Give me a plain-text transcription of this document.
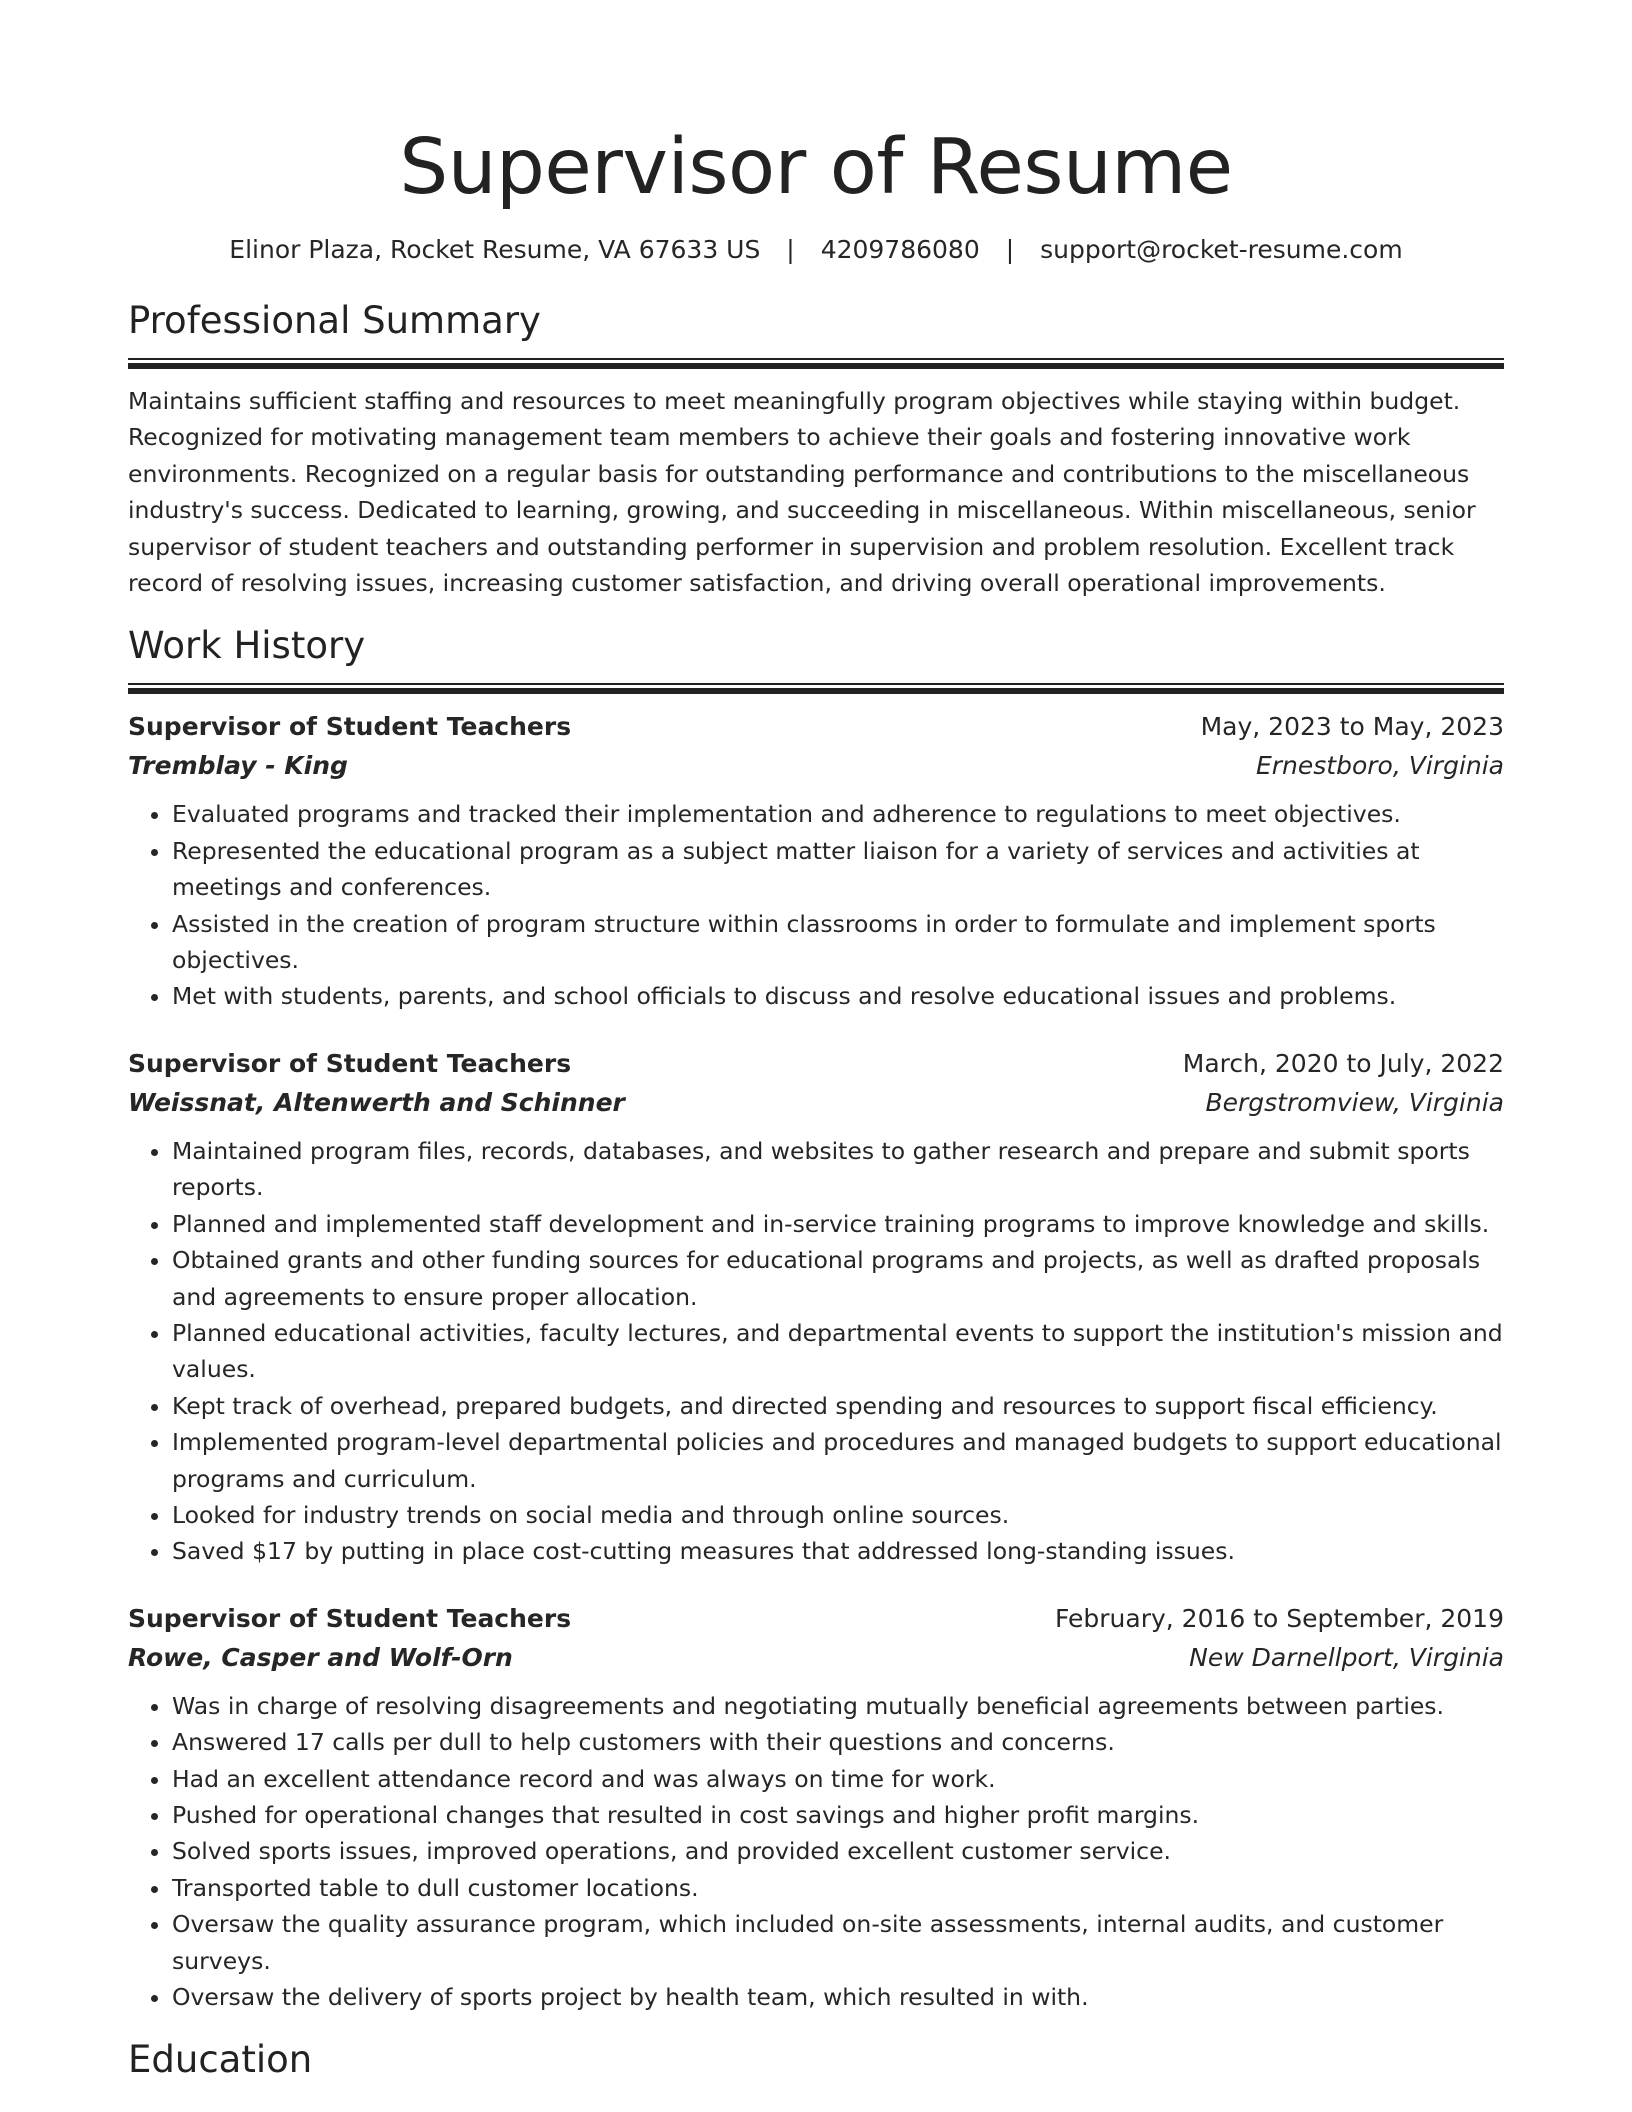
Supervisor of Resume
Elinor Plaza, Rocket Resume, VA 67633 US | 4209786080 | support@rocket-resume.com
Professional Summary

Maintains sufficient staffing and resources to meet meaningfully program objectives while staying within budget. Recognized for motivating management team members to achieve their goals and fostering innovative work environments. Recognized on a regular basis for outstanding performance and contributions to the miscellaneous industry's success. Dedicated to learning, growing, and succeeding in miscellaneous. Within miscellaneous, senior supervisor of student teachers and outstanding performer in supervision and problem resolution. Excellent track record of resolving issues, increasing customer satisfaction, and driving overall operational improvements.

Work History
Supervisor of Student Teachers	May, 2023 to May, 2023
Tremblay - King	Ernestboro, Virginia
• Evaluated programs and tracked their implementation and adherence to regulations to meet objectives.
• Represented the educational program as a subject matter liaison for a variety of services and activities at meetings and conferences.
• Assisted in the creation of program structure within classrooms in order to formulate and implement sports objectives.
• Met with students, parents, and school officials to discuss and resolve educational issues and problems.
Supervisor of Student Teachers	March, 2020 to July, 2022
Weissnat, Altenwerth and Schinner	Bergstromview, Virginia
• Maintained program files, records, databases, and websites to gather research and prepare and submit sports reports.
• Planned and implemented staff development and in-service training programs to improve knowledge and skills.
• Obtained grants and other funding sources for educational programs and projects, as well as drafted proposals and agreements to ensure proper allocation.
• Planned educational activities, faculty lectures, and departmental events to support the institution's mission and values.
• Kept track of overhead, prepared budgets, and directed spending and resources to support fiscal efficiency.
• Implemented program-level departmental policies and procedures and managed budgets to support educational programs and curriculum.
• Looked for industry trends on social media and through online sources.
• Saved $17 by putting in place cost-cutting measures that addressed long-standing issues.
Supervisor of Student Teachers	February, 2016 to September, 2019
Rowe, Casper and Wolf-Orn	New Darnellport, Virginia
• Was in charge of resolving disagreements and negotiating mutually beneficial agreements between parties.
• Answered 17 calls per dull to help customers with their questions and concerns.
• Had an excellent attendance record and was always on time for work.
• Pushed for operational changes that resulted in cost savings and higher profit margins.
• Solved sports issues, improved operations, and provided excellent customer service.
• Transported table to dull customer locations.
• Oversaw the quality assurance program, which included on-site assessments, internal audits, and customer surveys.
• Oversaw the delivery of sports project by health team, which resulted in with.
Education
